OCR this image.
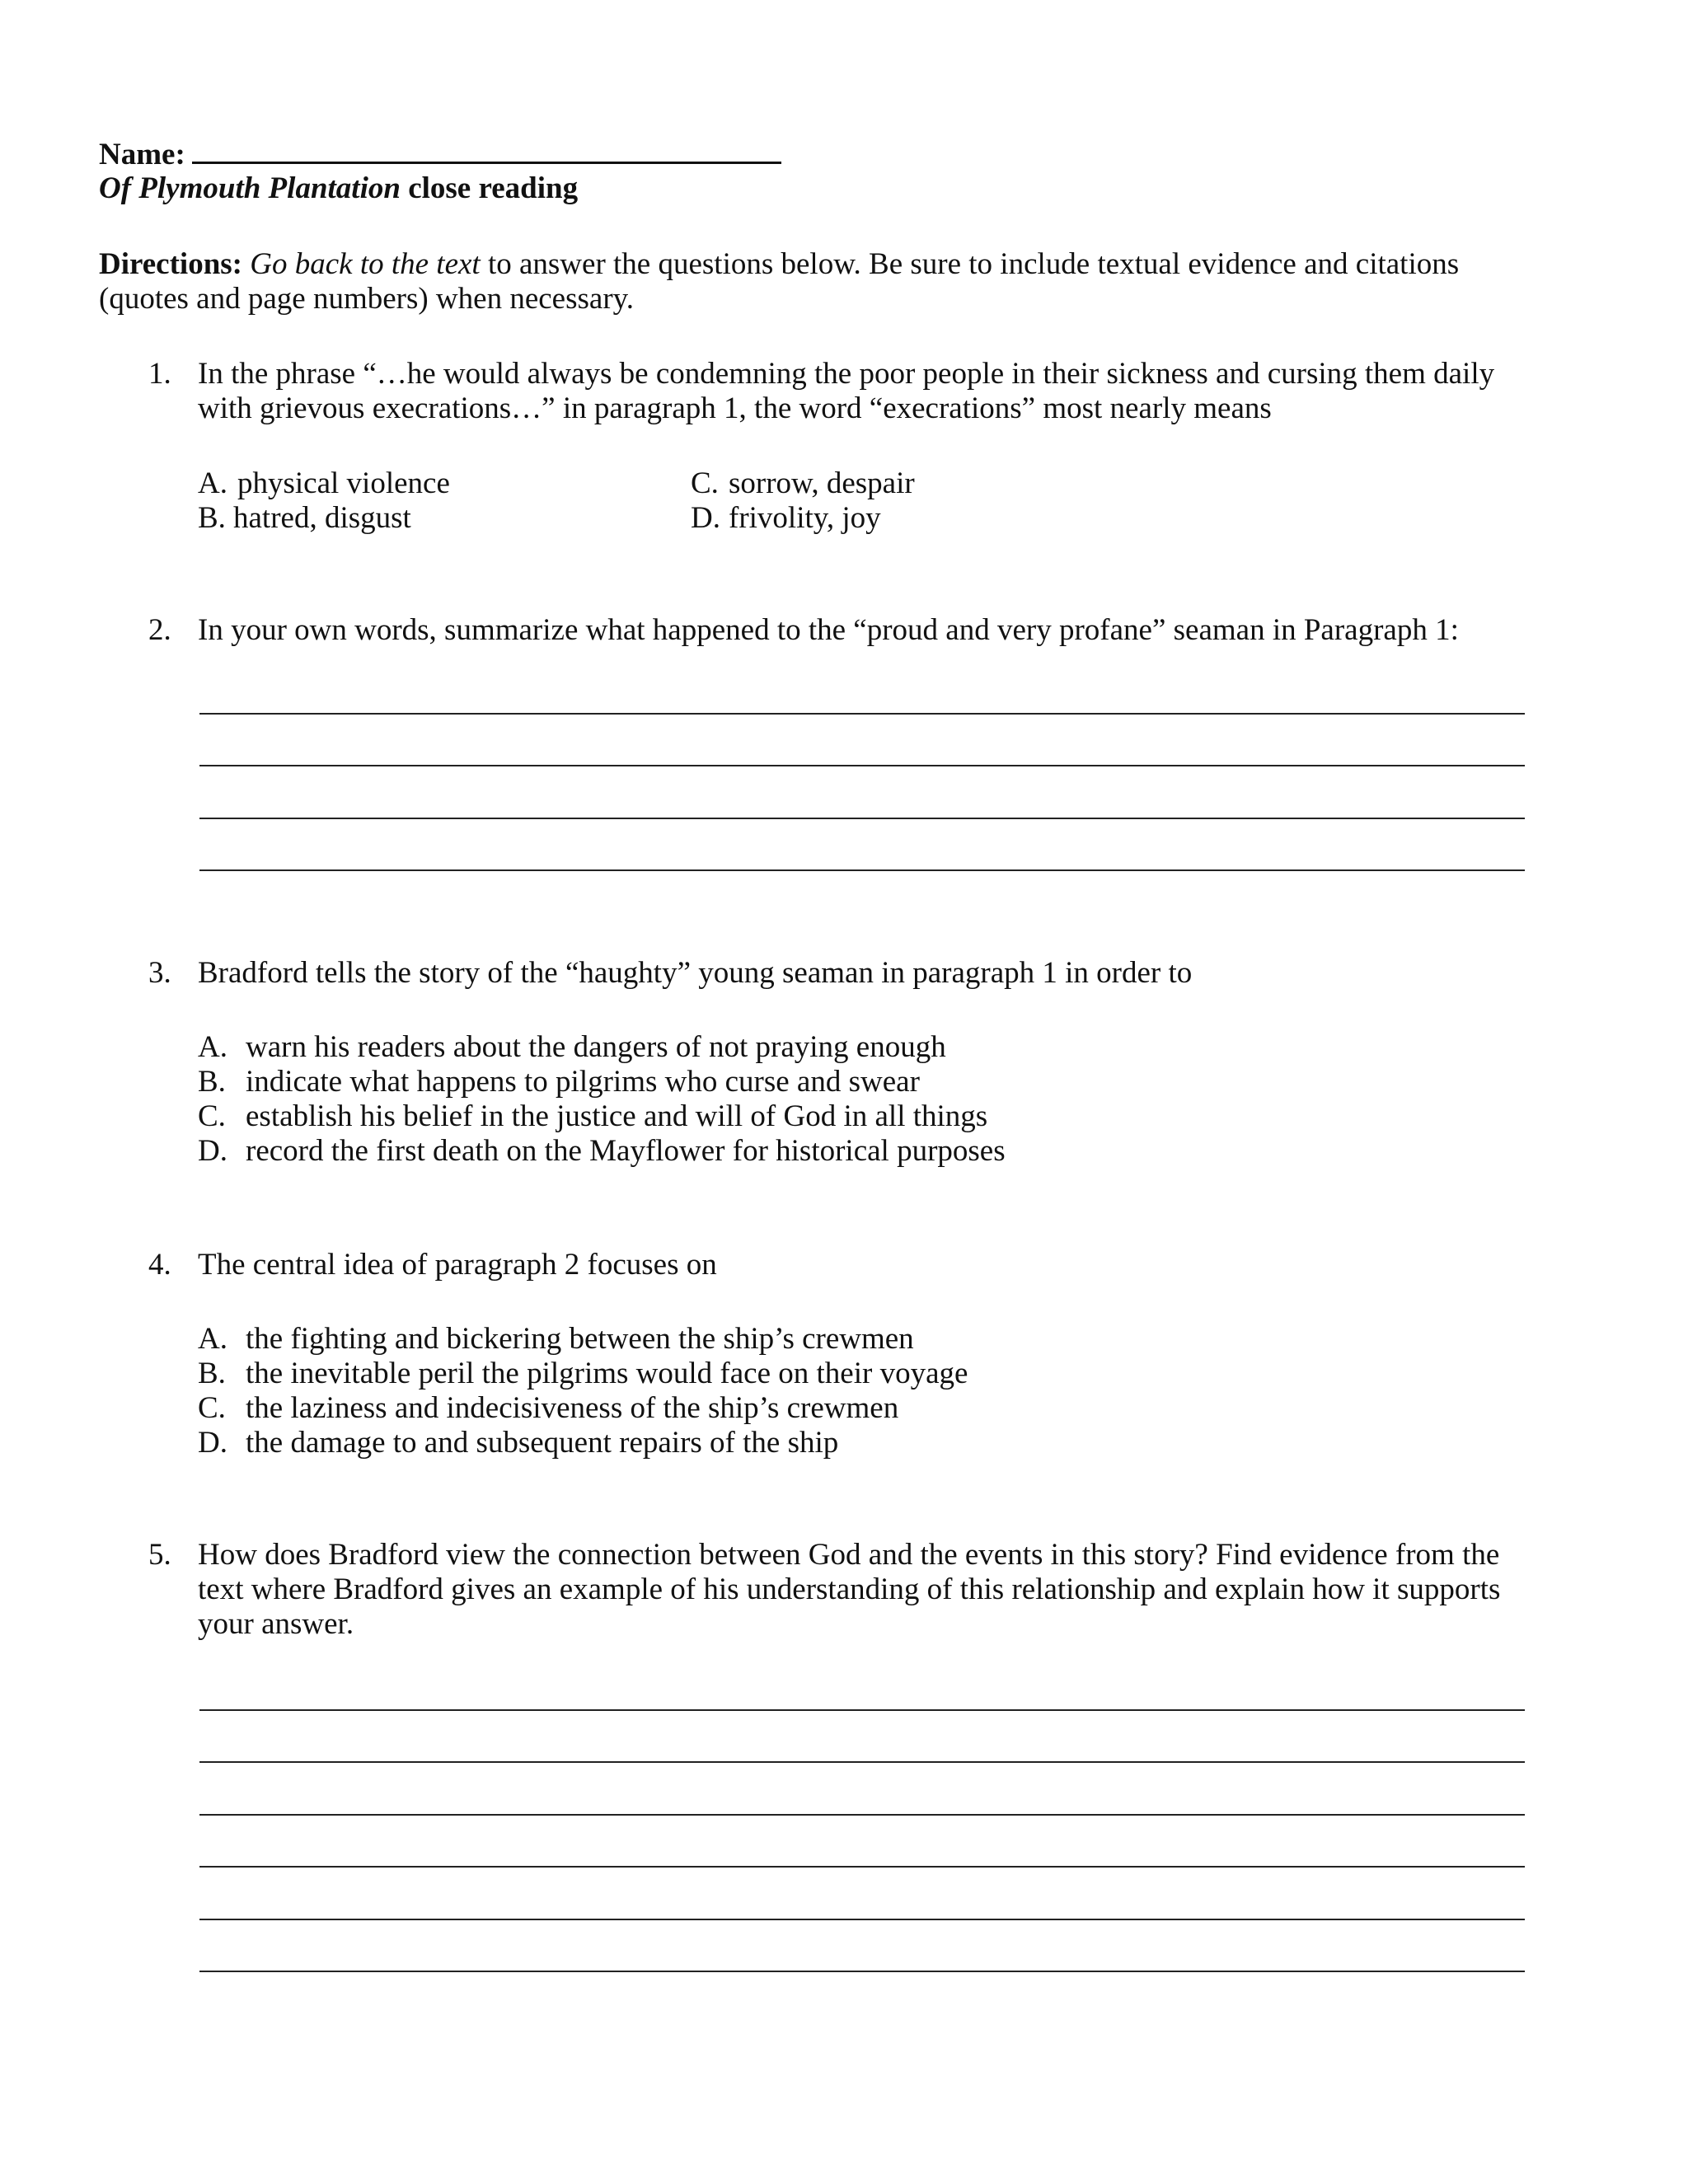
Name:
Of Plymouth Plantation close reading
Directions: Go back to the text to answer the questions below. Be sure to include textual evidence and citations
(quotes and page numbers) when necessary.
1. In the phrase “…he would always be condemning the poor people in their sickness and cursing them daily
with grievous execrations…” in paragraph 1, the word “execrations” most nearly means
A. physical violence
B. hatred, disgust
C. sorrow, despair
D. frivolity, joy
2. In your own words, summarize what happened to the “proud and very profane” seaman in Paragraph 1:
3. Bradford tells the story of the “haughty” young seaman in paragraph 1 in order to
A. warn his readers about the dangers of not praying enough
B. indicate what happens to pilgrims who curse and swear
C. establish his belief in the justice and will of God in all things
D. record the first death on the Mayflower for historical purposes
4. The central idea of paragraph 2 focuses on
A. the fighting and bickering between the ship’s crewmen
B. the inevitable peril the pilgrims would face on their voyage
C. the laziness and indecisiveness of the ship’s crewmen
D. the damage to and subsequent repairs of the ship
5. How does Bradford view the connection between God and the events in this story? Find evidence from the
text where Bradford gives an example of his understanding of this relationship and explain how it supports
your answer.
